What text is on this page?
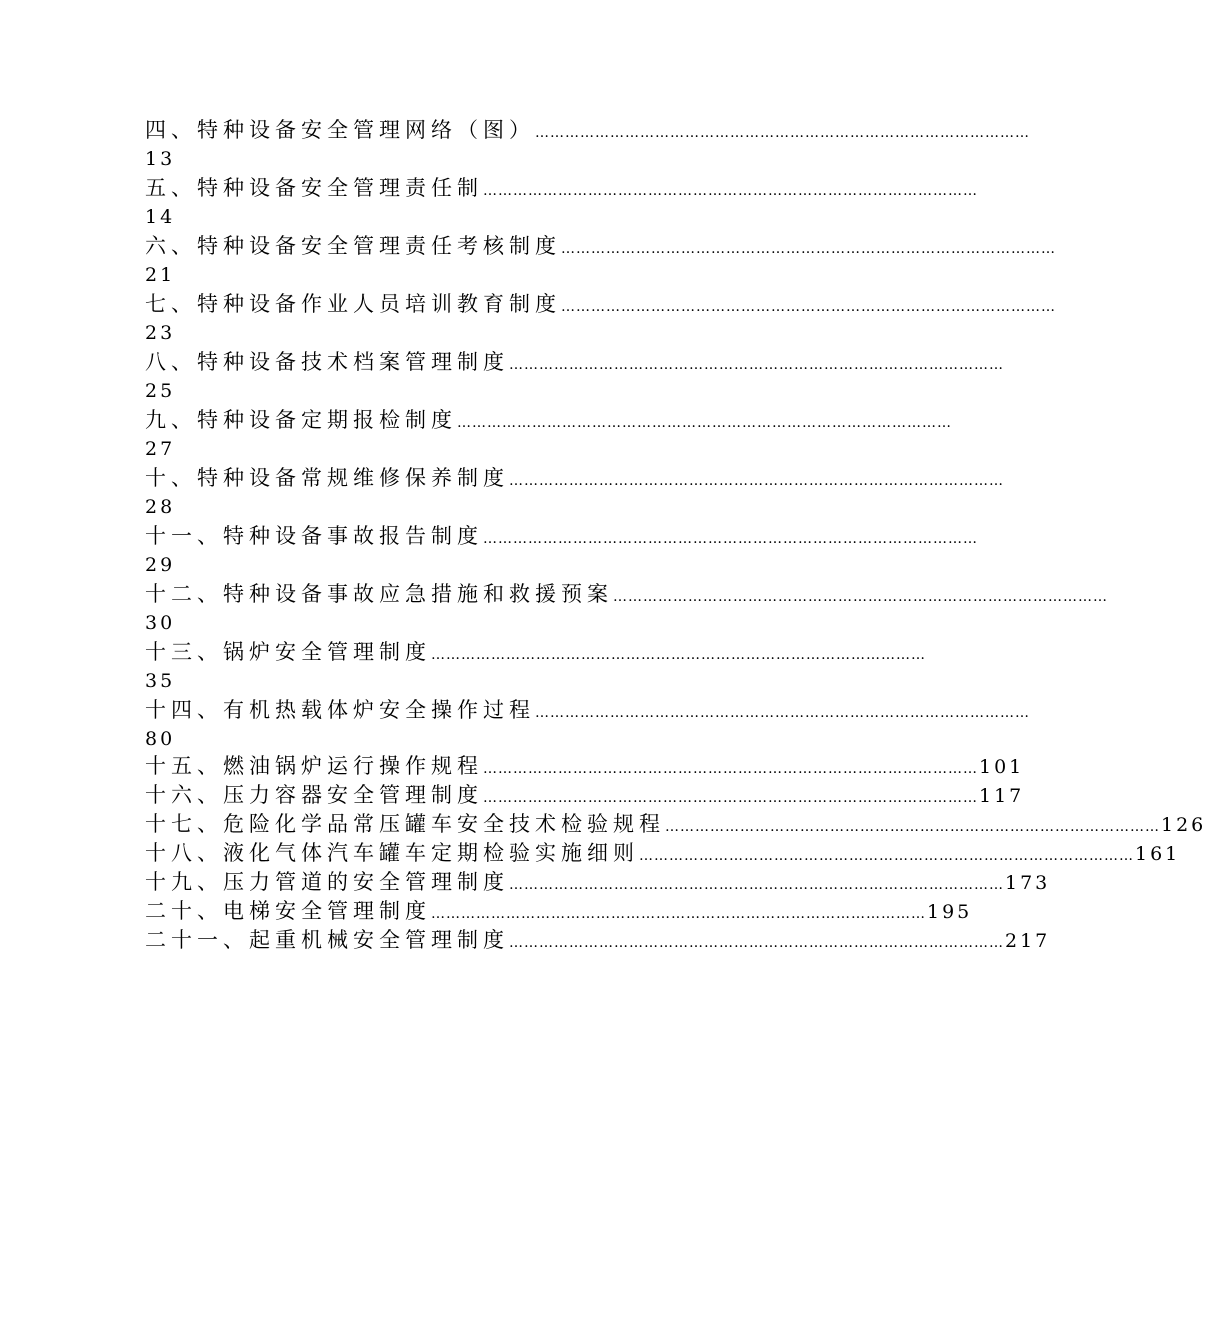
四、特种设备安全管理网络（图） ………………………………………………………………………………………
13
五、特种设备安全管理责任制 ………………………………………………………………………………………
14
六、特种设备安全管理责任考核制度 ………………………………………………………………………………………
21
七、特种设备作业人员培训教育制度 ………………………………………………………………………………………
23
八、特种设备技术档案管理制度 ………………………………………………………………………………………
25
九、特种设备定期报检制度 ………………………………………………………………………………………
27
十、特种设备常规维修保养制度 ………………………………………………………………………………………
28
十一、特种设备事故报告制度 ………………………………………………………………………………………
29
十二、特种设备事故应急措施和救援预案 ………………………………………………………………………………………
30
十三、锅炉安全管理制度 ………………………………………………………………………………………
35
十四、有机热载体炉安全操作过程 ………………………………………………………………………………………
80
十五、燃油锅炉运行操作规程 ……………………………………………………………………………………… 101
十六、压力容器安全管理制度 ……………………………………………………………………………………… 117
十七、危险化学品常压罐车安全技术检验规程 ……………………………………………………………………………………… 126
十八、液化气体汽车罐车定期检验实施细则 ……………………………………………………………………………………… 161
十九、压力管道的安全管理制度 ……………………………………………………………………………………… 173
二十、电梯安全管理制度 ……………………………………………………………………………………… 195
二十一、起重机械安全管理制度 ……………………………………………………………………………………… 217
